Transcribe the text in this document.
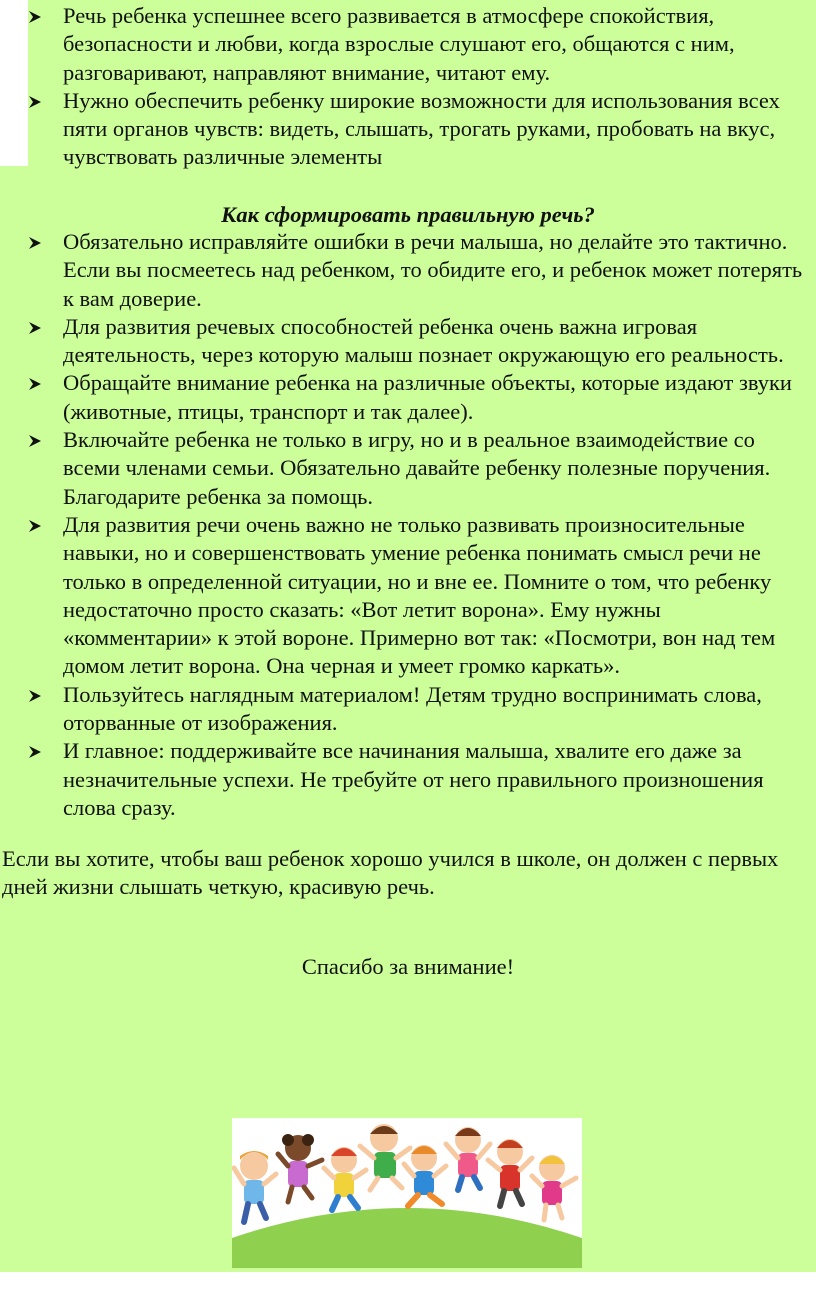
Речь ребенка успешнее всего развивается в атмосфере спокойствия, безопасности и любви, когда взрослые слушают его, общаются с ним, разговаривают, направляют внимание, читают ему.
Нужно обеспечить ребенку широкие возможности для использования всех пяти органов чувств: видеть, слышать, трогать руками, пробовать на вкус, чувствовать различные элементы
Как сформировать правильную речь?
Обязательно исправляйте ошибки в речи малыша, но делайте это тактично. Если вы посмеетесь над ребенком, то обидите его, и ребенок может потерять к вам доверие.
Для развития речевых способностей ребенка очень важна игровая деятельность, через которую малыш познает окружающую его реальность.
Обращайте внимание ребенка на различные объекты, которые издают звуки (животные, птицы, транспорт и так далее).
Включайте ребенка не только в игру, но и в реальное взаимодействие со всеми членами семьи. Обязательно давайте ребенку полезные поручения. Благодарите ребенка за помощь.
Для развития речи очень важно не только развивать произносительные навыки, но и совершенствовать умение ребенка понимать смысл речи не только в определенной ситуации, но и вне ее. Помните о том, что ребенку недостаточно просто сказать: «Вот летит ворона». Ему нужны «комментарии» к этой вороне. Примерно вот так: «Посмотри, вон над тем домом летит ворона. Она черная и умеет громко каркать».
Пользуйтесь наглядным материалом! Детям трудно воспринимать слова, оторванные от изображения.
И главное: поддерживайте все начинания малыша, хвалите его даже за незначительные успехи. Не требуйте от него правильного произношения слова сразу.
Если вы хотите, чтобы ваш ребенок хорошо учился в школе, он должен с первых дней жизни слышать четкую, красивую речь.
Спасибо за внимание!
